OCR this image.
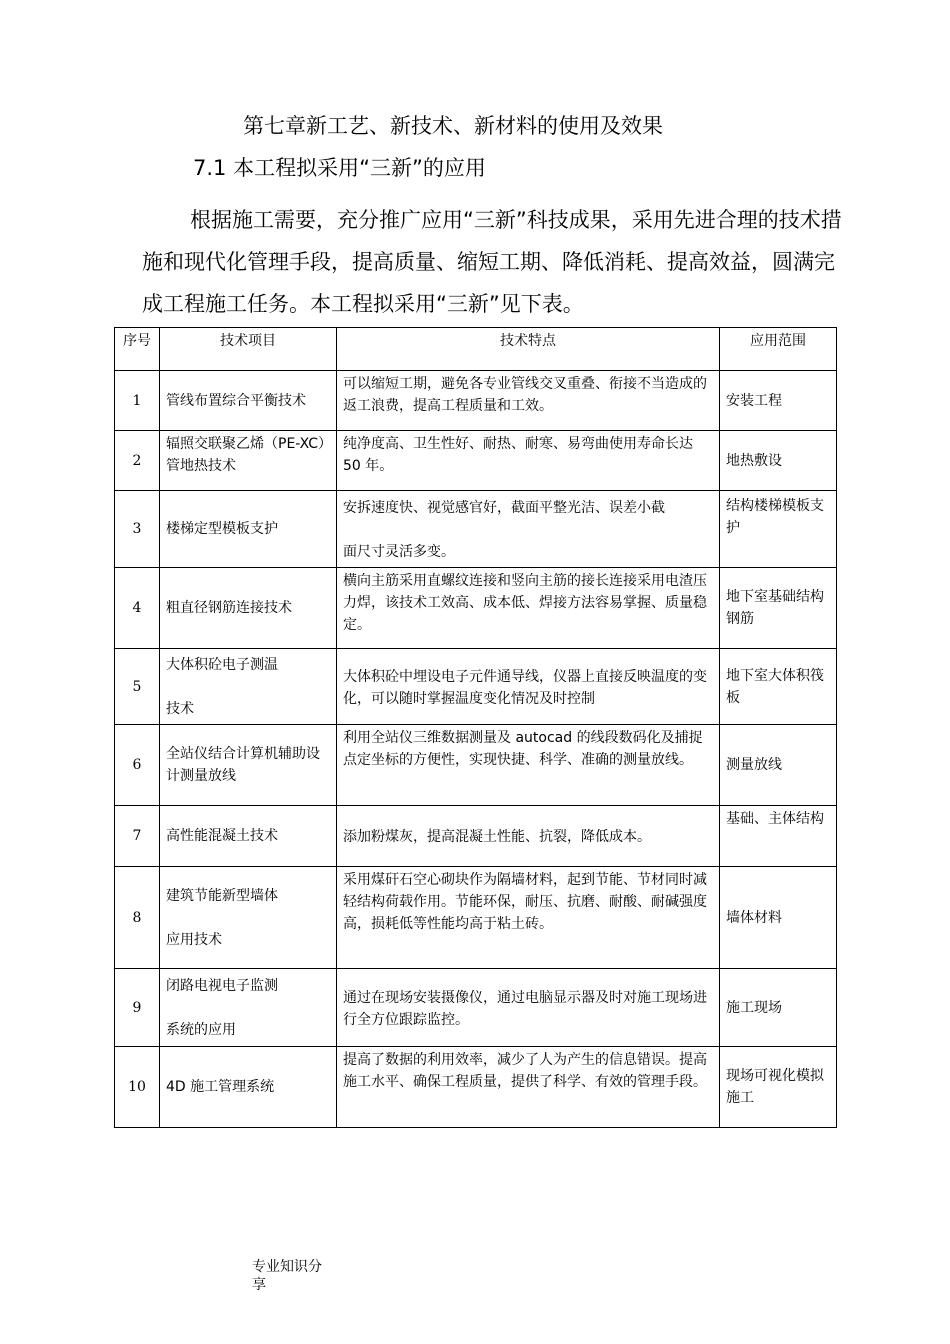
第七章新工艺、新技术、新材料的使用及效果
7.1 本工程拟采用“三新”的应用
根据施工需要，充分推广应用“三新”科技成果，采用先进合理的技术措施和现代化管理手段，提高质量、缩短工期、降低消耗、提高效益，圆满完成工程施工任务。本工程拟采用“三新”见下表。
序号	技术项目	技术特点	应用范围
1	管线布置综合平衡技术	可以缩短工期，避免各专业管线交叉重叠、衔接不当造成的返工浪费，提高工程质量和工效。	安装工程
2	辐照交联聚乙烯（PE-XC）管地热技术	纯净度高、卫生性好、耐热、耐寒、易弯曲使用寿命长达 50 年。	地热敷设
3	楼梯定型模板支护	安拆速度快、视觉感官好，截面平整光洁、误差小截

面尺寸灵活多变。	结构楼梯模板支护
4	粗直径钢筋连接技术	横向主筋采用直螺纹连接和竖向主筋的接长连接采用电渣压力焊，该技术工效高、成本低、焊接方法容易掌握、质量稳定。	地下室基础结构钢筋
5	大体积砼电子测温

技术	大体积砼中埋设电子元件通导线，仪器上直接反映温度的变化，可以随时掌握温度变化情况及时控制	地下室大体积筏板
6	全站仪结合计算机辅助设计测量放线	利用全站仪三维数据测量及 autocad 的线段数码化及捕捉点定坐标的方便性，实现快捷、科学、准确的测量放线。	测量放线
7	高性能混凝土技术	添加粉煤灰，提高混凝土性能、抗裂，降低成本。	基础、主体结构
8	建筑节能新型墙体

应用技术	采用煤矸石空心砌块作为隔墙材料，起到节能、节材同时减轻结构荷载作用。节能环保，耐压、抗磨、耐酸、耐碱强度高，损耗低等性能均高于粘土砖。	墙体材料
9	闭路电视电子监测

系统的应用	通过在现场安装摄像仪，通过电脑显示器及时对施工现场进行全方位跟踪监控。	施工现场
10	4D 施工管理系统	提高了数据的利用效率，减少了人为产生的信息错误。提高施工水平、确保工程质量，提供了科学、有效的管理手段。	现场可视化模拟施工
专业知识分享
